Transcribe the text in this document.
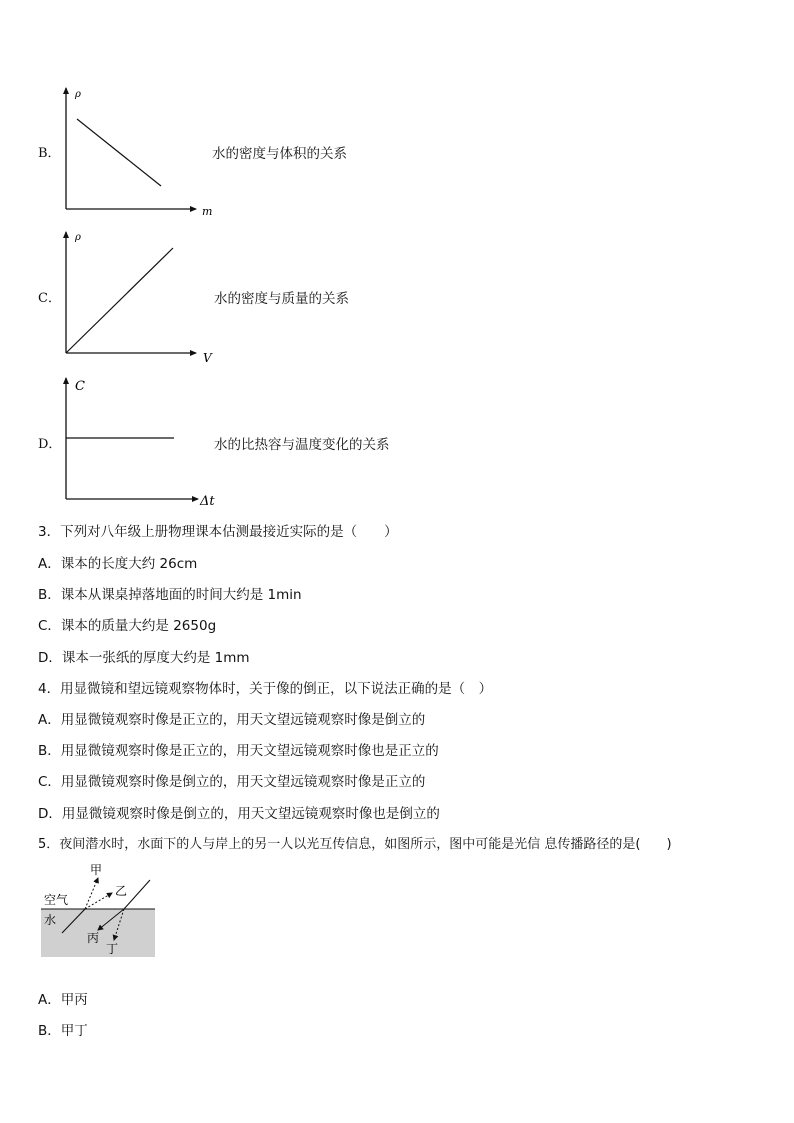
B．
ρ
m
水的密度与体积的关系
C．
ρ
V
水的密度与质量的关系
D．
C
Δt
水的比热容与温度变化的关系
3．下列对八年级上册物理课本估测最接近实际的是（　　）
A．课本的长度大约 26cm
B．课本从课桌掉落地面的时间大约是 1min
C．课本的质量大约是 2650g
D．课本一张纸的厚度大约是 1mm
4．用显微镜和望远镜观察物体时，关于像的倒正，以下说法正确的是（　）
A．用显微镜观察时像是正立的，用天文望远镜观察时像是倒立的
B．用显微镜观察时像是正立的，用天文望远镜观察时像也是正立的
C．用显微镜观察时像是倒立的，用天文望远镜观察时像是正立的
D．用显微镜观察时像是倒立的，用天文望远镜观察时像也是倒立的
5．夜间潜水时，水面下的人与岸上的另一人以光互传信息，如图所示，图中可能是光信 息传播路径的是(　　)
甲
乙
空气
水
丙
丁
A．甲丙
B．甲丁
